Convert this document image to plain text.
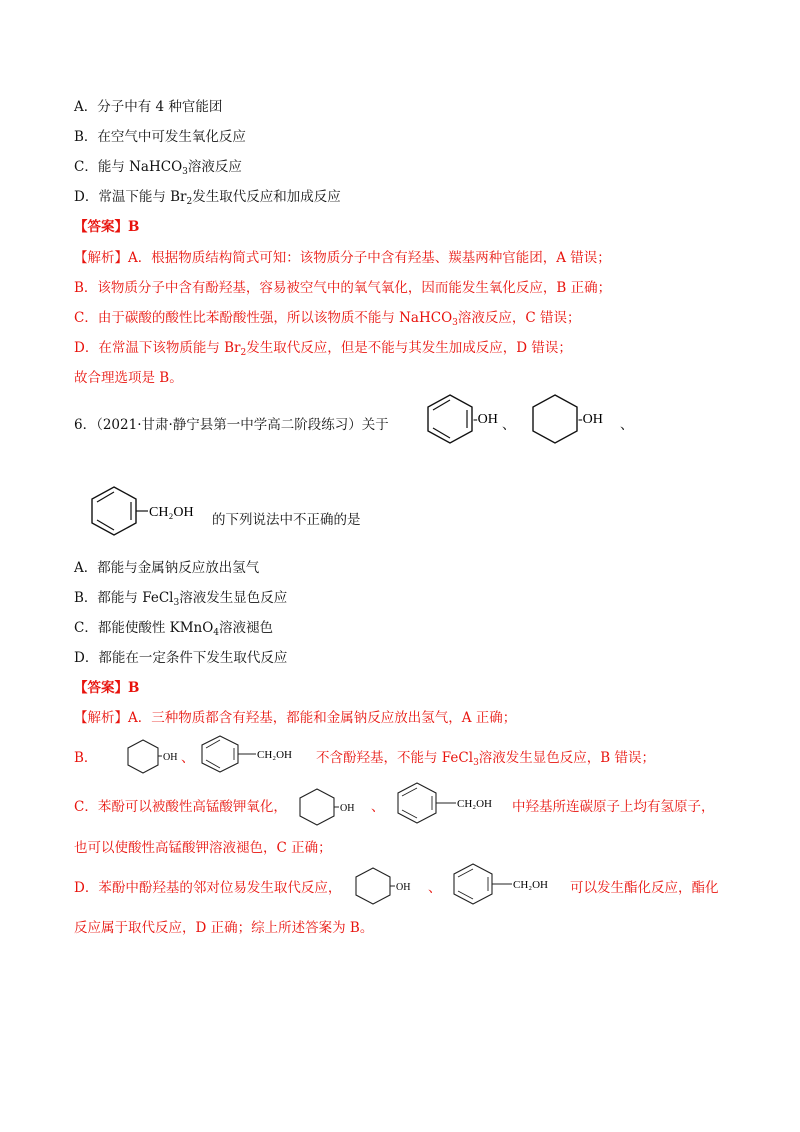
A．分子中有 4 种官能团
B．在空气中可发生氧化反应
C．能与 NaHCO$_3$溶液反应
D．常温下能与 $Br_2$发生取代反应和加成反应
【答案】B
【解析】A．根据物质结构简式可知：该物质分子中含有羟基、羰基两种官能团，A 错误；
B．该物质分子中含有酚羟基，容易被空气中的氧气氧化，因而能发生氧化反应，B 正确；
C．由于碳酸的酸性比苯酚酸性强，所以该物质不能与 NaHCO$_3$溶液反应，C 错误；
D．在常温下该物质能与 $Br_2$发生取代反应，但是不能与其发生加成反应，D 错误；
故合理选项是 B。
6．（2021·甘肃·静宁县第一中学高二阶段练习）关于	-OH 、	-OH 、
CH₂OH 的下列说法中不正确的是
A．都能与金属钠反应放出氢气
B．都能与 FeCl$_3$溶液发生显色反应
C．都能使酸性 KMnO$_4$溶液褪色
D．都能在一定条件下发生取代反应
【答案】B
【解析】A．三种物质都含有羟基，都能和金属钠反应放出氢气，A 正确；
B．	OH 、	CH₂OH 不含酚羟基，不能与 FeCl$_3$溶液发生显色反应，B 错误；
C．苯酚可以被酸性高锰酸钾氧化，	OH 、	CH₂OH 中羟基所连碳原子上均有氢原子，
也可以使酸性高锰酸钾溶液褪色，C 正确；
D．苯酚中酚羟基的邻对位易发生取代反应，	OH 、	CH₂OH 可以发生酯化反应，酯化
反应属于取代反应，D 正确；综上所述答案为 B。
